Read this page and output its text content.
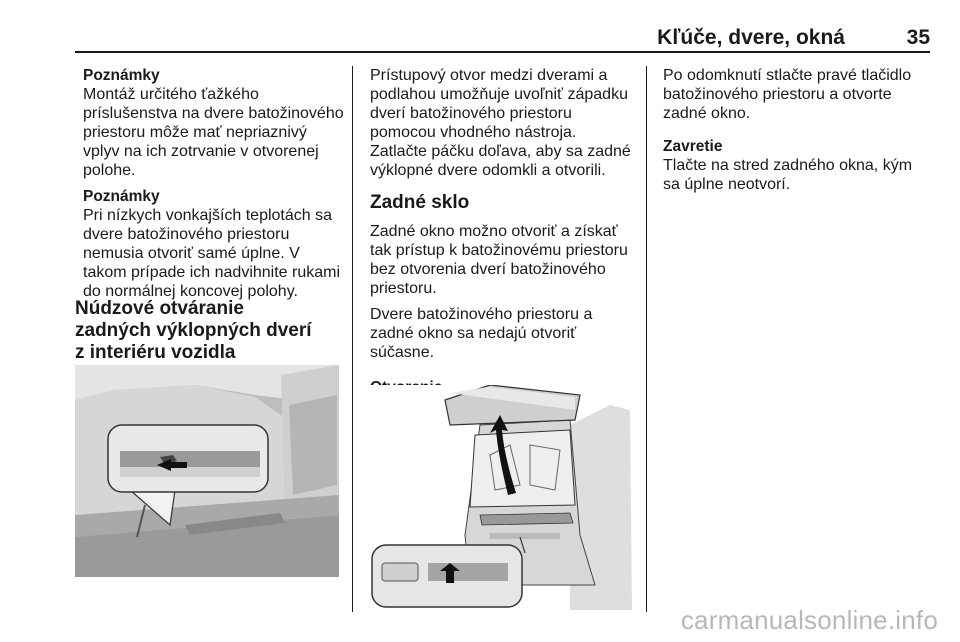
Kľúče, dvere, okná	35

Poznámky

Montáž určitého ťažkého príslušenstva na dvere batožinového priestoru môže mať nepriaznivý vplyv na ich zotrvanie v otvorenej polohe.

Poznámky

Pri nízkych vonkajších teplotách sa dvere batožinového priestoru nemusia otvoriť samé úplne. V takom prípade ich nadvihnite rukami do normálnej koncovej polohy.

Núdzové otváranie zadných výklopných dverí z interiéru vozidla

Prístupový otvor medzi dverami a podlahou umožňuje uvoľniť západku dverí batožinového priestoru pomocou vhodného nástroja. Zatlačte páčku doľava, aby sa zadné výklopné dvere odomkli a otvorili.

Zadné sklo

Zadné okno možno otvoriť a získať tak prístup k batožinovému priestoru bez otvorenia dverí batožinového priestoru.

Dvere batožinového priestoru a zadné okno sa nedajú otvoriť súčasne.

Po odomknutí stlačte pravé tlačidlo batožinového priestoru a otvorte zadné okno.

Zavretie

Tlačte na stred zadného okna, kým sa úplne neotvorí.

carmanualsonline.info
